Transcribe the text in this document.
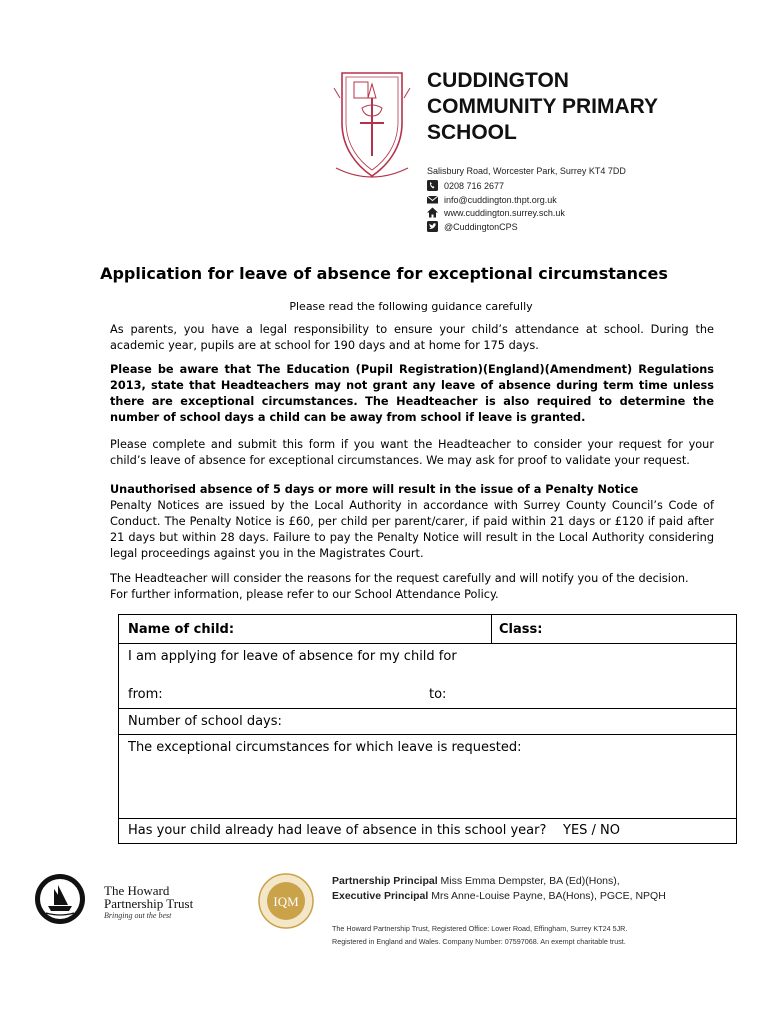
CUDDINGTON
COMMUNITY PRIMARY
SCHOOL
Salisbury Road, Worcester Park, Surrey KT4 7DD
0208 716 2677
info@cuddington.thpt.org.uk
www.cuddington.surrey.sch.uk
@CuddingtonCPS
Application for leave of absence for exceptional circumstances
Please read the following guidance carefully
As parents, you have a legal responsibility to ensure your child’s attendance at school. During the academic year, pupils are at school for 190 days and at home for 175 days.
Please be aware that The Education (Pupil Registration)(England)(Amendment) Regulations 2013, state that Headteachers may not grant any leave of absence during term time unless there are exceptional circumstances. The Headteacher is also required to determine the number of school days a child can be away from school if leave is granted.
Please complete and submit this form if you want the Headteacher to consider your request for your child’s leave of absence for exceptional circumstances. We may ask for proof to validate your request.
Unauthorised absence of 5 days or more will result in the issue of a Penalty Notice
Penalty Notices are issued by the Local Authority in accordance with Surrey County Council’s Code of Conduct. The Penalty Notice is £60, per child per parent/carer, if paid within 21 days or £120 if paid after 21 days but within 28 days. Failure to pay the Penalty Notice will result in the Local Authority considering legal proceedings against you in the Magistrates Court.
The Headteacher will consider the reasons for the request carefully and will notify you of the decision.
For further information, please refer to our School Attendance Policy.
Name of child:	Class:
I am applying for leave of absence for my child for
from:	to:
Number of school days:
The exceptional circumstances for which leave is requested:
Has your child already had leave of absence in this school year? YES / NO
The Howard
Partnership Trust
Bringing out the best
IQM
Partnership Principal Miss Emma Dempster, BA (Ed)(Hons),
Executive Principal Mrs Anne-Louise Payne, BA(Hons), PGCE, NPQH
The Howard Partnership Trust, Registered Office: Lower Road, Effingham, Surrey KT24 5JR.
Registered in England and Wales. Company Number: 07597068. An exempt charitable trust.
